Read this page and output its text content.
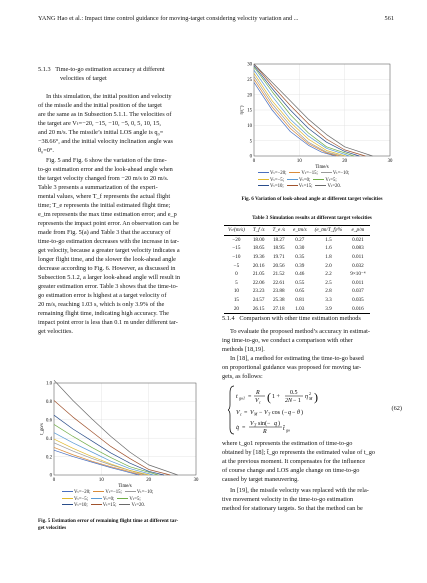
YANG Hao et al.: Impact time control guidance for moving-target considering velocity variation and ...	561
5.1.3 Time-to-go estimation accuracy at different
velocities of target
In this simulation, the initial position and velocity
of the missile and the initial position of the target
are the same as in Subsection 5.1.1. The velocities of
the target are Vₜ=−20, −15, −10, −5, 0, 5, 10, 15,
and 20 m/s. The missile’s initial LOS angle is q₀=
−38.66°, and the initial velocity inclination angle was
θ₀=0°.
Fig. 5 and Fig. 6 show the variation of the time-
to-go estimation error and the look-ahead angle when
the target velocity changed from −20 m/s to 20 m/s.
Table 3 presents a summarization of the experi-
mental values, where T_f represents the actual flight
time; T_e represents the initial estimated flight time;
e_tm represents the max time estimation error; and e_p
represents the impact point error. An observation can be
made from Fig. 5(a) and Table 3 that the accuracy of
time-to-go estimation decreases with the increase in tar-
get velocity, because a greater target velocity indicates a
longer flight time, and the slower the look-ahead angle
decrease according to Fig. 6. However, as discussed in
Subsection 5.1.2, a larger look-ahead angle will result in
greater estimation error. Table 3 shows that the time-to-
go estimation error is highest at a target velocity of
20 m/s, reaching 1.03 s, which is only 3.9% of the
remaining flight time, indicating high accuracy. The
impact point error is less than 0.1 m under different tar-
get velocities.
0
0.2
0.4
0.6
0.8
1.0
0	10	20	30
Time/s
t_go/s
Vₜ=−20;	Vₜ=−15;	Vₜ=−10;
Vₜ=−5;	Vₜ=0;	Vₜ=5;
Vₜ=10;	Vₜ=15;	Vₜ=20.

Fig. 5 Estimation error of remaining flight time at different tar-
get velocities
0
5
10
15
20
25
30
0	10	20	30
Time/s
η/(°)
Vₜ=−20;	Vₜ=−15;	Vₜ=−10;
Vₜ=−5;	Vₜ=0;	Vₜ=5;
Vₜ=10;	Vₜ=15;	Vₜ=20.

Fig. 6 Variation of look-ahead angle at different target velocities
Table 3 Simulation results at different target velocities
Vₜ/(m/s)	T_f /s	T_e /s	e_tm/s	(e_tm/T_f)/%	e_p/m
−20	18.00	18.27	0.27	1.5	0.021
−15	18.65	18.95	0.30	1.6	0.083
−10	19.36	19.71	0.35	1.8	0.011
−5	20.16	20.56	0.39	2.0	0.032
0	21.05	21.52	0.46	2.2	9×10⁻⁴
5	22.06	22.61	0.55	2.5	0.011
10	23.23	23.88	0.65	2.8	0.037
15	24.57	25.38	0.81	3.3	0.035
20	26.15	27.18	1.03	3.9	0.016
5.1.4 Comparison with other time estimation methods
To evaluate the proposed method’s accuracy in estimat-
ing time-to-go, we conduct a comparison with other
methods [18,19].
In [18], a method for estimating the time-to-go based
on proportional guidance was proposed for moving tar-
gets, as follows:
t go1 =
R
V c ( 1 +
0.5
2N − 1
η
2
M )
V c = V M − V T cos (− q − θ )
q̇ =
V T sin(− q )
R	t̂ go
(62)
where t_go1 represents the estimation of time-to-go
obtained by [18]; t̂_go represents the estimated value of t_go
at the previous moment. It compensates for the influence
of course change and LOS angle change on time-to-go
caused by target maneuvering.
In [19], the missile velocity was replaced with the rela-
tive movement velocity in the time-to-go estimation
method for stationary targets. So that the method can be
